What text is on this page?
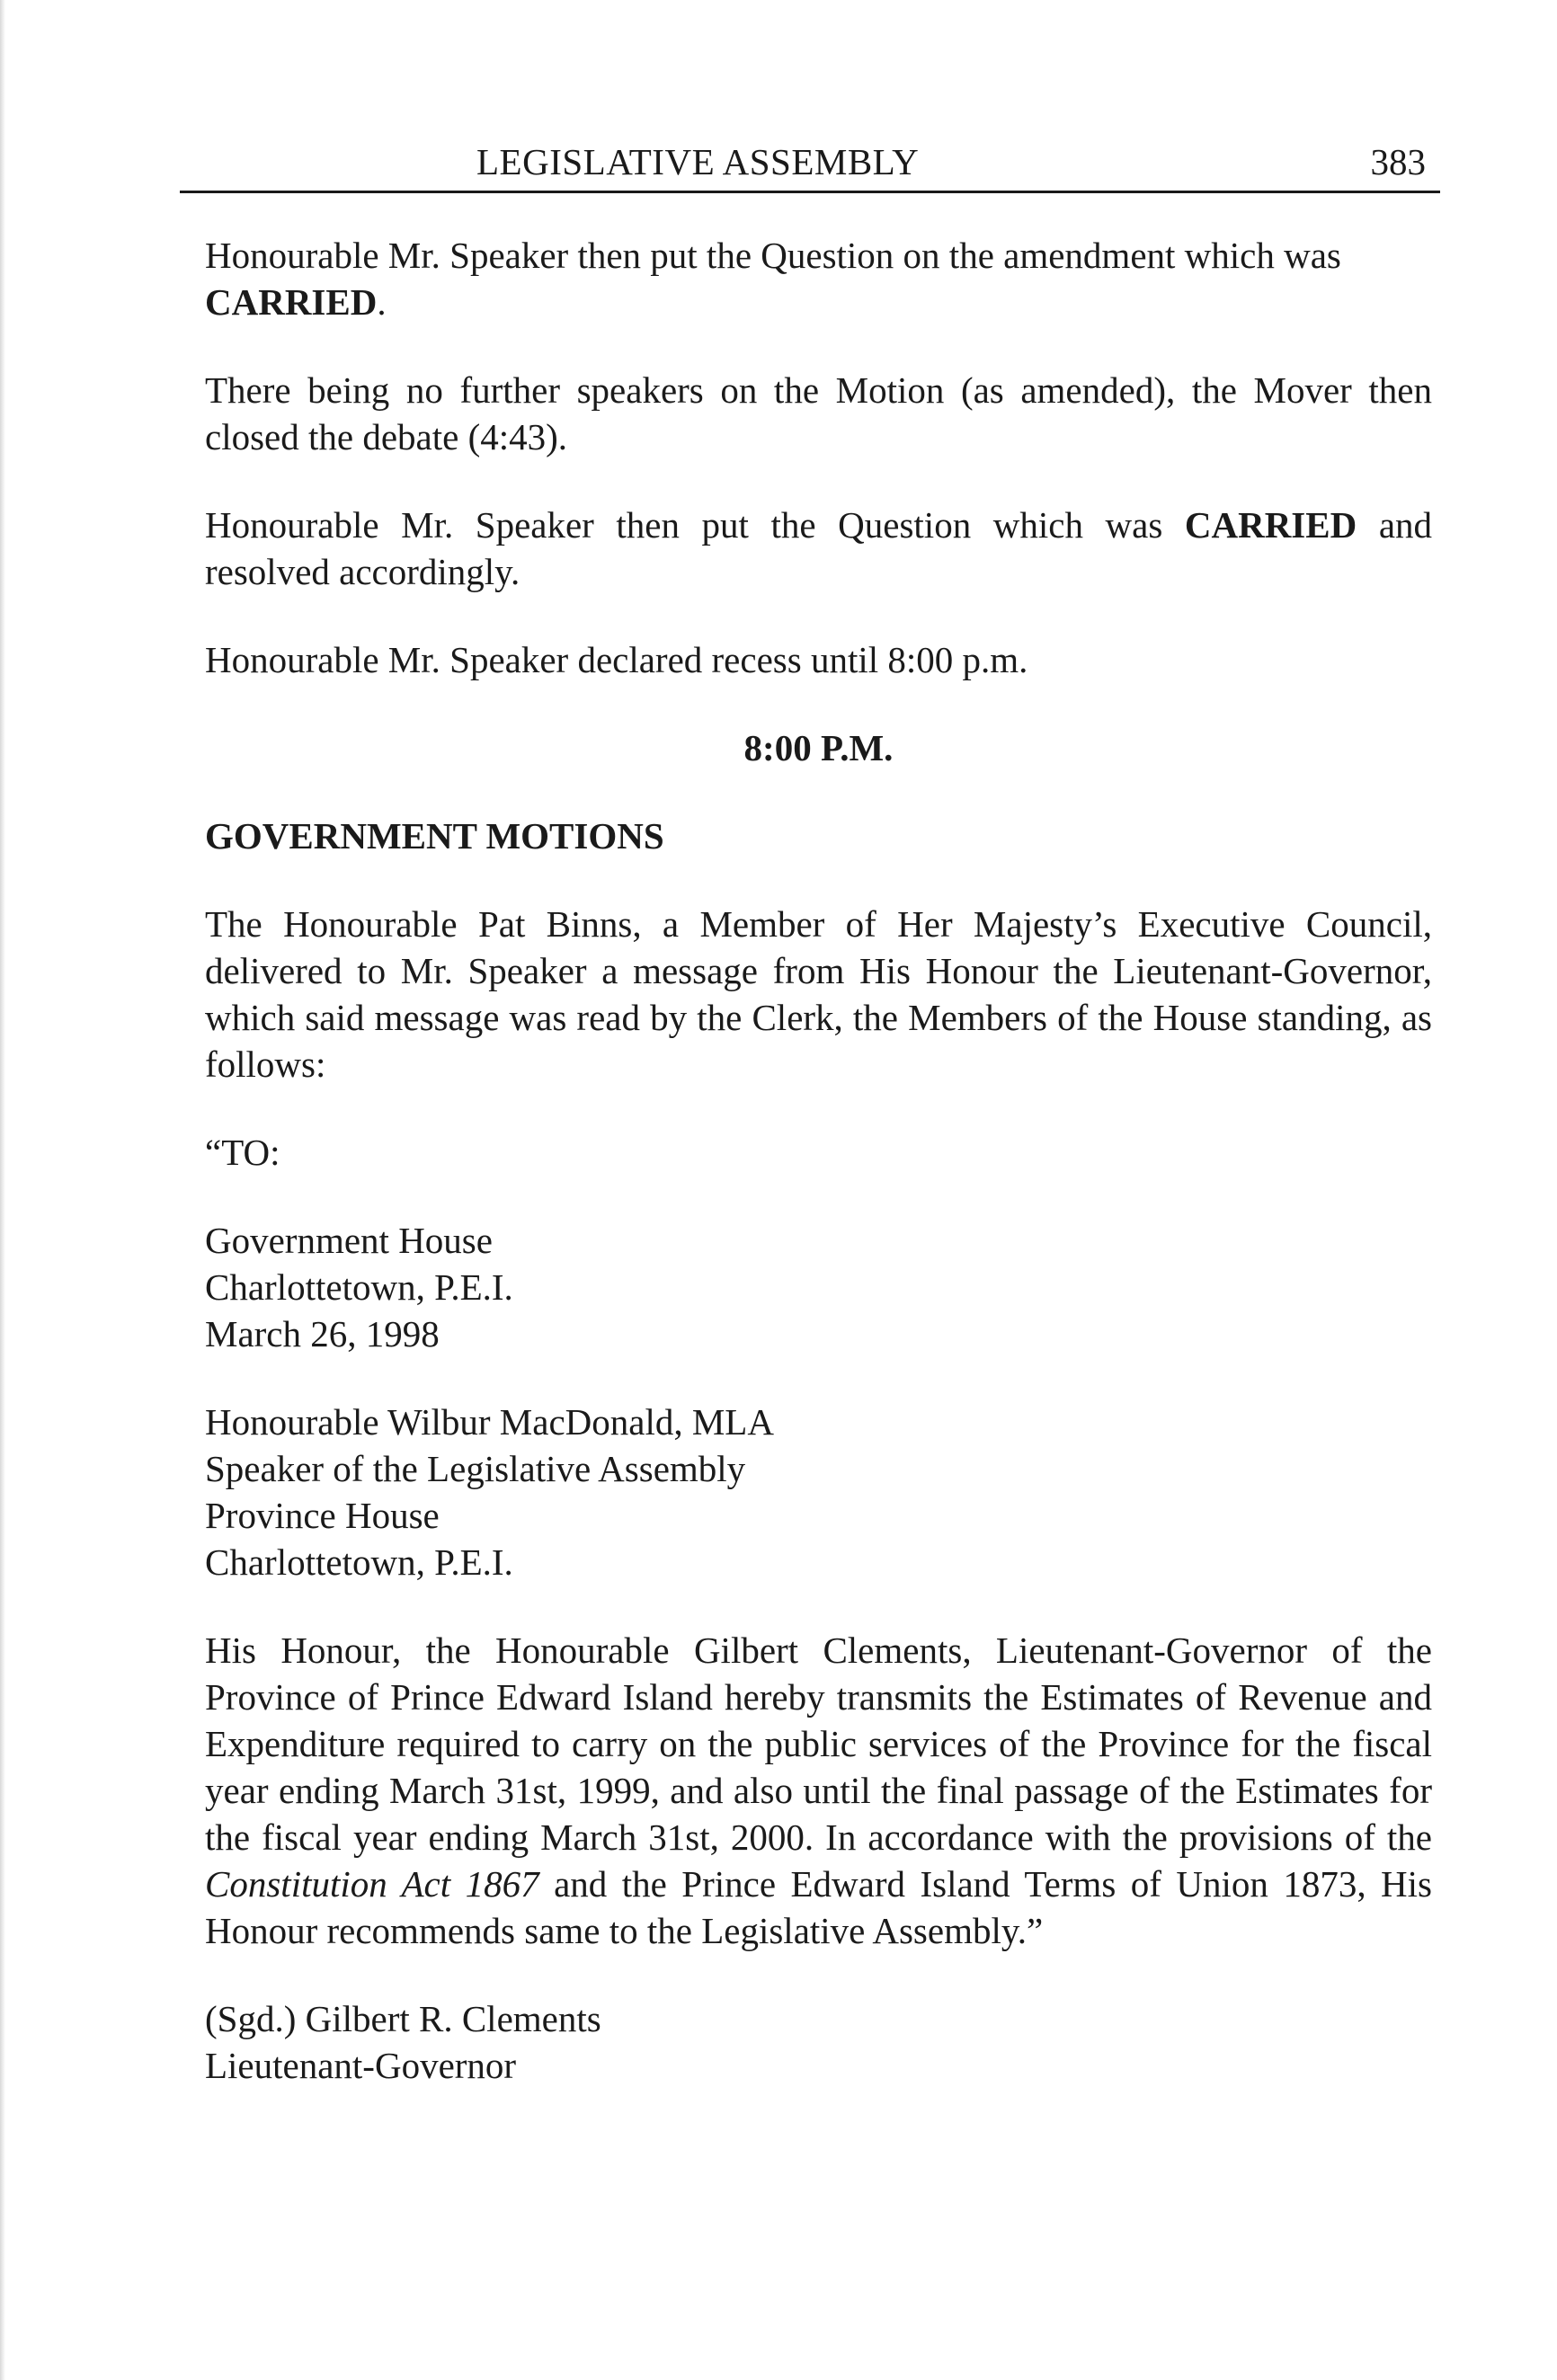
LEGISLATIVE ASSEMBLY	383

Honourable Mr. Speaker then put the Question on the amendment which was
CARRIED.

There being no further speakers on the Motion (as amended), the Mover then closed the debate (4:43).

Honourable Mr. Speaker then put the Question which was CARRIED and resolved accordingly.

Honourable Mr. Speaker declared recess until 8:00 p.m.

8:00 P.M.
GOVERNMENT MOTIONS

The Honourable Pat Binns, a Member of Her Majesty’s Executive Council, delivered to Mr. Speaker a message from His Honour the Lieutenant-Governor, which said message was read by the Clerk, the Members of the House standing, as follows:

“TO:
Government House
Charlottetown, P.E.I.
March 26, 1998
Honourable Wilbur MacDonald, MLA
Speaker of the Legislative Assembly
Province House
Charlottetown, P.E.I.

His Honour, the Honourable Gilbert Clements, Lieutenant-Governor of the Province of Prince Edward Island hereby transmits the Estimates of Revenue and Expenditure required to carry on the public services of the Province for the fiscal year ending March 31st, 1999, and also until the final passage of the Estimates for the fiscal year ending March 31st, 2000. In accordance with the provisions of the Constitution Act 1867 and the Prince Edward Island Terms of Union 1873, His Honour recommends same to the Legislative Assembly.”

(Sgd.) Gilbert R. Clements
Lieutenant-Governor
